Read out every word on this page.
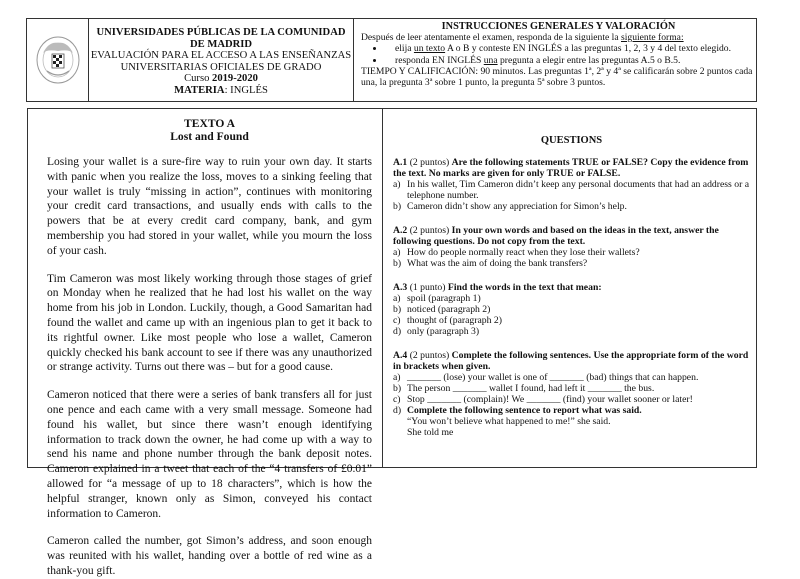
UNIVERSIDADES PÚBLICAS DE LA COMUNIDAD
DE MADRID
EVALUACIÓN PARA EL ACCESO A LAS ENSEÑANZAS
UNIVERSITARIAS OFICIALES DE GRADO
Curso 2019-2020
MATERIA: INGLÉS
INSTRUCCIONES GENERALES Y VALORACIÓN
Después de leer atentamente el examen, responda de la siguiente la siguiente forma:
• elija un texto A o B y conteste EN INGLÉS a las preguntas 1, 2, 3 y 4 del texto elegido.
• responda EN INGLÉS una pregunta a elegir entre las preguntas A.5 o B.5.
TIEMPO Y CALIFICACIÓN: 90 minutos. Las preguntas 1ª, 2ª y 4ª se calificarán sobre 2 puntos cada
una, la pregunta 3ª sobre 1 punto, la pregunta 5ª sobre 3 puntos.
TEXTO A
Lost and Found

Losing your wallet is a sure-fire way to ruin your own day. It starts with panic when you realize the loss, moves to a sinking feeling that your wallet is truly “missing in action”, continues with monitoring your credit card transactions, and usually ends with calls to the powers that be at every credit card company, bank, and gym membership you had stored in your wallet, while you mourn the loss of your cash.

Tim Cameron was most likely working through those stages of grief on Monday when he realized that he had lost his wallet on the way home from his job in London. Luckily, though, a Good Samaritan had found the wallet and came up with an ingenious plan to get it back to its rightful owner. Like most people who lose a wallet, Cameron quickly checked his bank account to see if there was any unauthorized or strange activity. Turns out there was – but for a good cause.

Cameron noticed that there were a series of bank transfers all for just one pence and each came with a very small message. Someone had found his wallet, but since there wasn’t enough identifying information to track down the owner, he had come up with a way to send his name and phone number through the bank deposit notes. Cameron explained in a tweet that each of the “4 transfers of £0.01” allowed for “a message of up to 18 characters”, which is how the helpful stranger, known only as Simon, conveyed his contact information to Cameron.

Cameron called the number, got Simon’s address, and soon enough was reunited with his wallet, handing over a bottle of red wine as a thank-you gift.

QUESTIONS
A.1 (2 puntos) Are the following statements TRUE or FALSE? Copy the evidence from the text. No marks are given for only TRUE or FALSE.
a) In his wallet, Tim Cameron didn’t keep any personal documents that had an address or a telephone number.
b) Cameron didn’t show any appreciation for Simon’s help.
A.2 (2 puntos) In your own words and based on the ideas in the text, answer the following questions. Do not copy from the text.
a) How do people normally react when they lose their wallets?
b) What was the aim of doing the bank transfers?
A.3 (1 punto) Find the words in the text that mean:
a) spoil (paragraph 1)
b) noticed (paragraph 2)
c) thought of (paragraph 2)
d) only (paragraph 3)
A.4 (2 puntos) Complete the following sentences. Use the appropriate form of the word in brackets when given.
a) _______ (lose) your wallet is one of _______ (bad) things that can happen.
b) The person _______ wallet I found, had left it _______ the bus.
c) Stop _______ (complain)! We _______ (find) your wallet sooner or later!
d) Complete the following sentence to report what was said.
“You won’t believe what happened to me!” she said.
She told me
